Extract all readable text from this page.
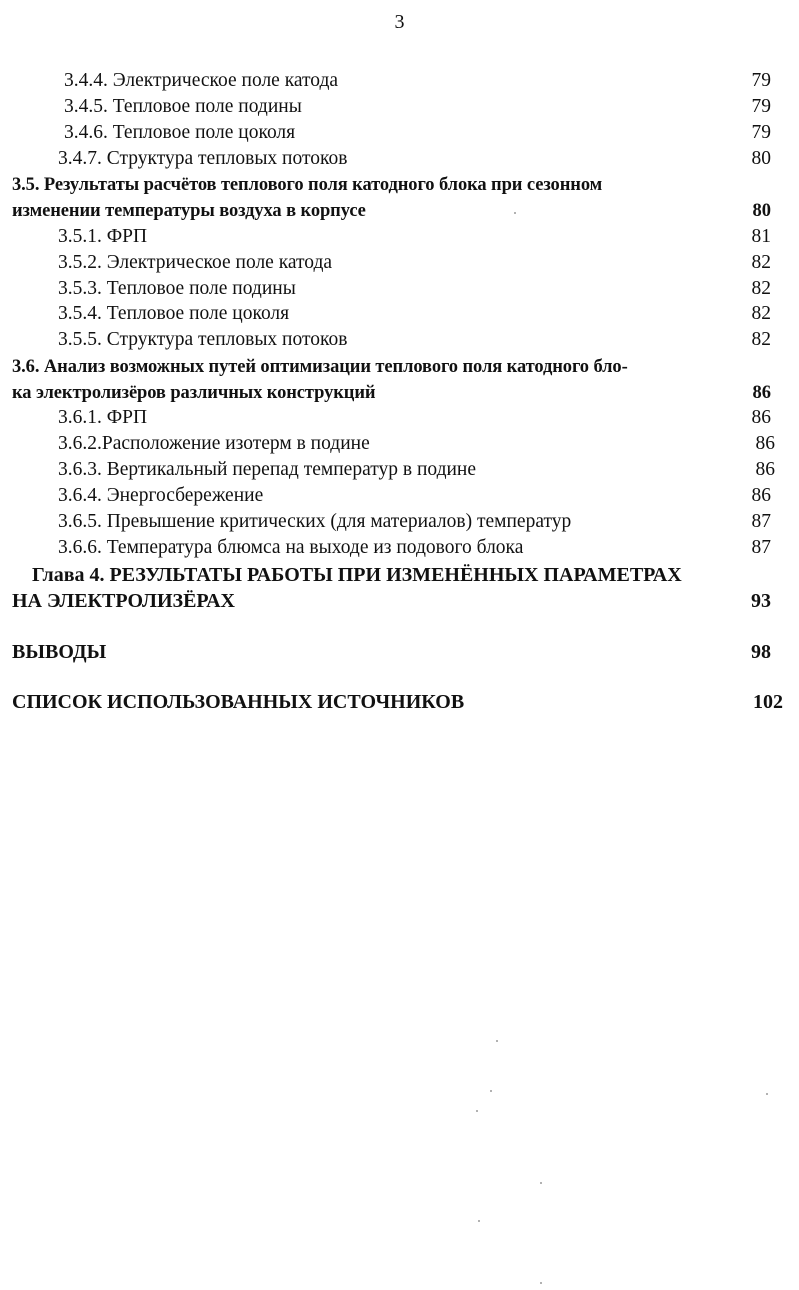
3
3.4.4. Электрическое поле катода	79
3.4.5. Тепловое поле подины	79
3.4.6. Тепловое поле цоколя	79
3.4.7. Структура тепловых потоков	80
3.5. Результаты расчётов теплового поля катодного блока при сезонном
изменении температуры воздуха в корпусе	80
3.5.1. ФРП	81
3.5.2. Электрическое поле катода	82
3.5.3. Тепловое поле подины	82
3.5.4. Тепловое поле цоколя	82
3.5.5. Структура тепловых потоков	82
3.6. Анализ возможных путей оптимизации теплового поля катодного бло-
ка электролизёров различных конструкций	86
3.6.1. ФРП	86
3.6.2.Расположение изотерм в подине	86
3.6.3. Вертикальный перепад температур в подине	86
3.6.4. Энергосбережение	86
3.6.5. Превышение критических (для материалов) температур	87
3.6.6. Температура блюмса на выходе из подового блока	87
Глава 4. РЕЗУЛЬТАТЫ РАБОТЫ ПРИ ИЗМЕНЁННЫХ ПАРАМЕТРАХ
НА ЭЛЕКТРОЛИЗЁРАХ	93
ВЫВОДЫ	98
СПИСОК ИСПОЛЬЗОВАННЫХ ИСТОЧНИКОВ	102
